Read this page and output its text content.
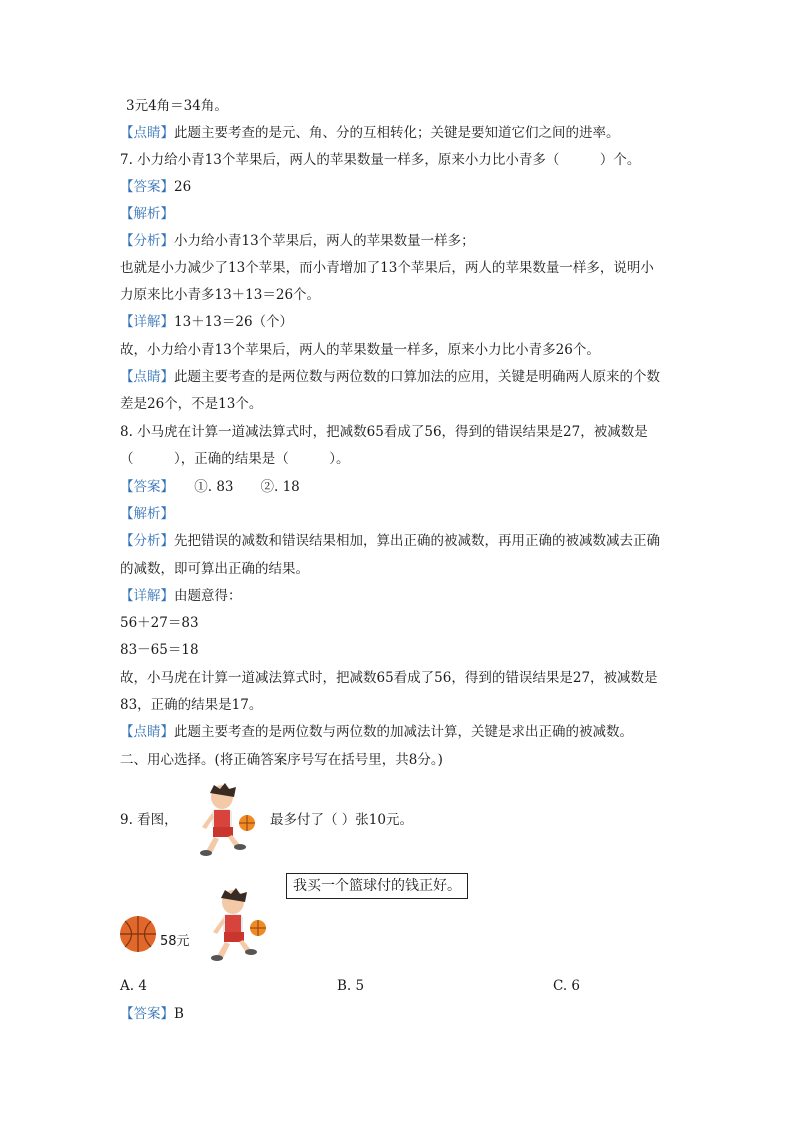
3元4角＝34角。
【点睛】此题主要考查的是元、角、分的互相转化；关键是要知道它们之间的进率。
7. 小力给小青13个苹果后，两人的苹果数量一样多，原来小力比小青多（　　　）个。
【答案】26
【解析】
【分析】小力给小青13个苹果后，两人的苹果数量一样多；
也就是小力减少了13个苹果，而小青增加了13个苹果后，两人的苹果数量一样多，说明小
力原来比小青多13＋13＝26个。
【详解】13＋13＝26（个）
故，小力给小青13个苹果后，两人的苹果数量一样多，原来小力比小青多26个。
【点睛】此题主要考查的是两位数与两位数的口算加法的应用，关键是明确两人原来的个数
差是26个，不是13个。
8. 小马虎在计算一道减法算式时，把减数65看成了56，得到的错误结果是27，被减数是
（　　　），正确的结果是（　　　）。
【答案】　　①. 83　　②. 18
【解析】
【分析】先把错误的减数和错误结果相加，算出正确的被减数，再用正确的被减数减去正确
的减数，即可算出正确的结果。
【详解】由题意得：
56＋27＝83
83－65＝18
故，小马虎在计算一道减法算式时，把减数65看成了56，得到的错误结果是27，被减数是
83，正确的结果是17。
【点睛】此题主要考查的是两位数与两位数的加减法计算，关键是求出正确的被减数。
二、用心选择。(将正确答案序号写在括号里，共8分。)
9. 看图，	最多付了（ ）张10元。
我买一个篮球付的钱正好。
58元
A. 4	B. 5	C. 6
【答案】B
